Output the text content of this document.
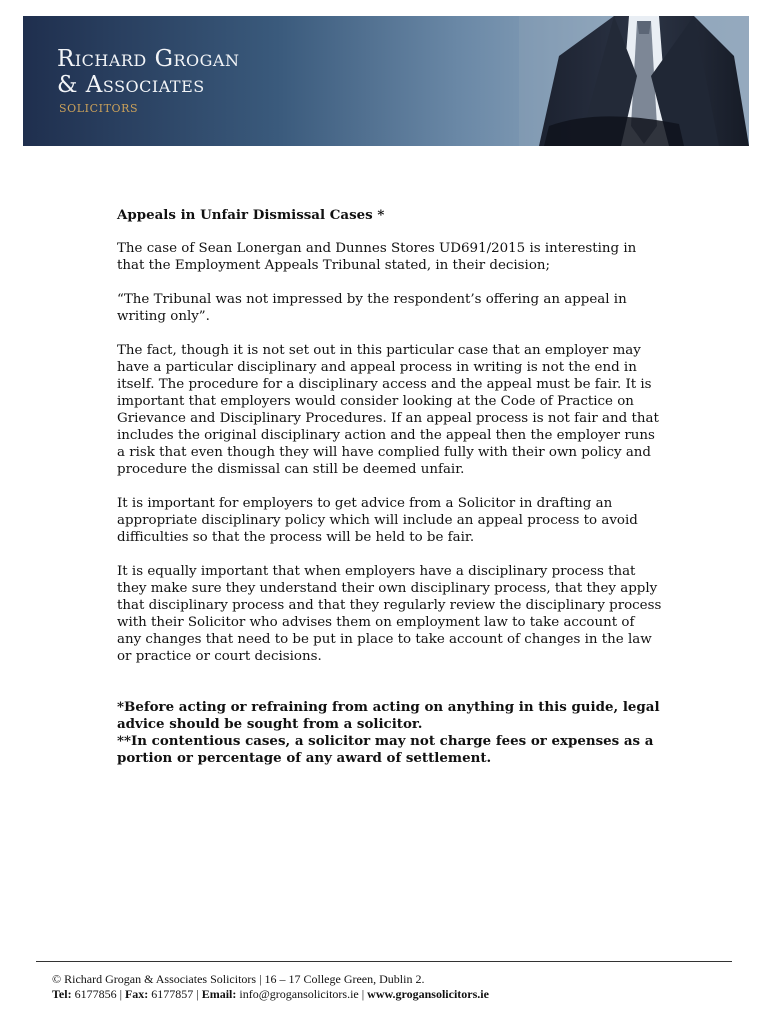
Richard Grogan
& Associates
SOLICITORS

Appeals in Unfair Dismissal Cases *

The case of Sean Lonergan and Dunnes Stores UD691/2015 is interesting in that the Employment Appeals Tribunal stated, in their decision;

“The Tribunal was not impressed by the respondent’s offering an appeal in writing only”.

The fact, though it is not set out in this particular case that an employer may have a particular disciplinary and appeal process in writing is not the end in itself. The procedure for a disciplinary access and the appeal must be fair. It is important that employers would consider looking at the Code of Practice on Grievance and Disciplinary Procedures. If an appeal process is not fair and that includes the original disciplinary action and the appeal then the employer runs a risk that even though they will have complied fully with their own policy and procedure the dismissal can still be deemed unfair.

It is important for employers to get advice from a Solicitor in drafting an appropriate disciplinary policy which will include an appeal process to avoid difficulties so that the process will be held to be fair.

It is equally important that when employers have a disciplinary process that they make sure they understand their own disciplinary process, that they apply that disciplinary process and that they regularly review the disciplinary process with their Solicitor who advises them on employment law to take account of any changes that need to be put in place to take account of changes in the law or practice or court decisions.

*Before acting or refraining from acting on anything in this guide, legal advice should be sought from a solicitor.

**In contentious cases, a solicitor may not charge fees or expenses as a portion or percentage of any award of settlement.

© Richard Grogan & Associates Solicitors | 16 – 17 College Green, Dublin 2.
Tel: 6177856 | Fax: 6177857 | Email: info@grogansolicitors.ie | www.grogansolicitors.ie
